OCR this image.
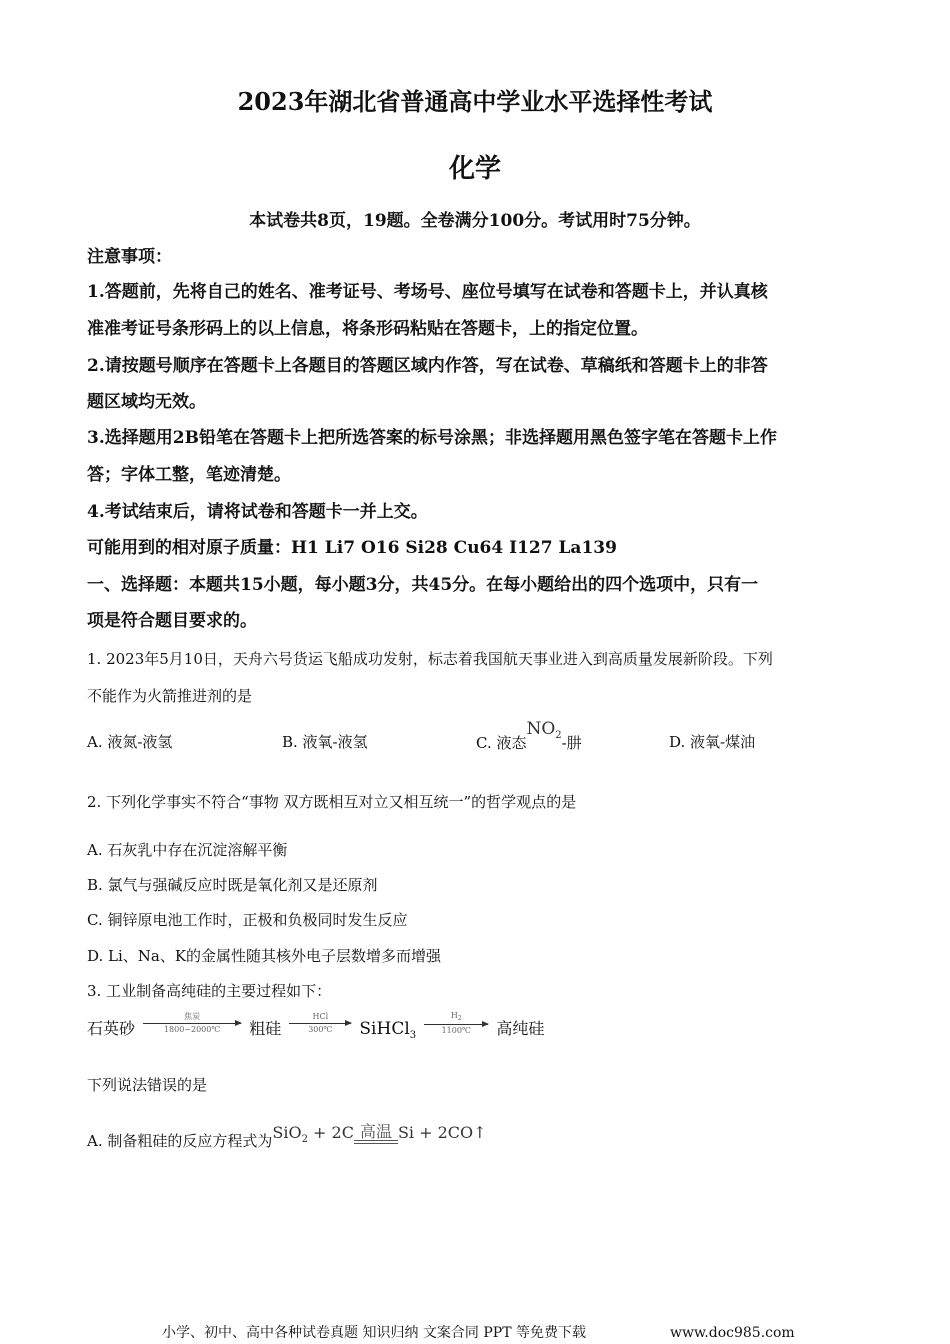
2023年湖北省普通高中学业水平选择性考试
化学
本试卷共8页，19题。全卷满分100分。考试用时75分钟。
注意事项：
1.答题前，先将自己的姓名、准考证号、考场号、座位号填写在试卷和答题卡上，并认真核
准准考证号条形码上的以上信息，将条形码粘贴在答题卡，上的指定位置。
2.请按题号顺序在答题卡上各题目的答题区域内作答，写在试卷、草稿纸和答题卡上的非答
题区域均无效。
3.选择题用2B铅笔在答题卡上把所选答案的标号涂黑；非选择题用黑色签字笔在答题卡上作
答；字体工整，笔迹清楚。
4.考试结束后，请将试卷和答题卡一并上交。
可能用到的相对原子质量：H1 Li7 O16 Si28 Cu64 I127 La139
一、选择题：本题共15小题，每小题3分，共45分。在每小题给出的四个选项中，只有一
项是符合题目要求的。
1. 2023年5月10日，天舟六号货运飞船成功发射，标志着我国航天事业进入到高质量发展新阶段。下列
不能作为火箭推进剂的是
A. 液氮-液氢	B. 液氧-液氢	C. 液态$NO_2-$肼	D. 液氧-煤油
2. 下列化学事实不符合“事物 双方既相互对立又相互统一”的哲学观点的是
A. 石灰乳中存在沉淀溶解平衡
B. 氯气与强碱反应时既是氧化剂又是还原剂
C. 铜锌原电池工作时，正极和负极同时发生反应
D. Li、Na、K的金属性随其核外电子层数增多而增强
3. 工业制备高纯硅的主要过程如下：
石英砂
焦炭
1800~2000℃	粗硅
HCl
300℃	SiHCl$_3$
$\frac{H_2}{1100℃}$ 高纯硅
下列说法错误的是
A. 制备粗硅的反应方程式为SiO$_2$ + 2C 高温 Si + 2CO↑
小学、初中、高中各种试卷真题 知识归纳 文案合同 PPT 等免费下载	www.doc985.com
